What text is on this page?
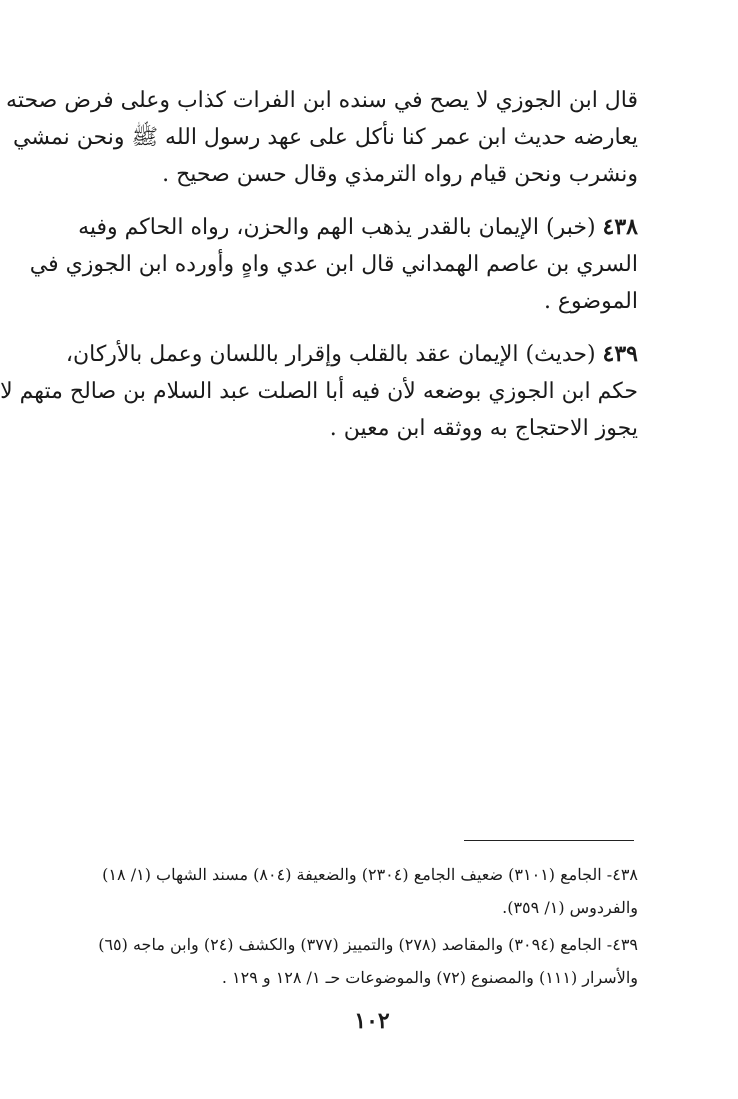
قال ابن الجوزي لا يصح في سنده ابن الفرات كذاب وعلى فرض صحته
يعارضه حديث ابن عمر كنا نأكل على عهد رسول الله ﷺ ونحن نمشي
ونشرب ونحن قيام رواه الترمذي وقال حسن صحيح .

٤٣٨ (خبر) الإيمان بالقدر يذهب الهم والحزن، رواه الحاكم وفيه
السري بن عاصم الهمداني قال ابن عدي واهٍ وأورده ابن الجوزي في
الموضوع .

٤٣٩ (حديث) الإيمان عقد بالقلب وإقرار باللسان وعمل بالأركان،
حكم ابن الجوزي بوضعه لأن فيه أبا الصلت عبد السلام بن صالح متهم لا
يجوز الاحتجاج به ووثقه ابن معين .

٤٣٨- الجامع (٣١٠١) ضعيف الجامع (٢٣٠٤) والضعيفة (٨٠٤) مسند الشهاب (١/ ١٨)
والفردوس (١/ ٣٥٩).

٤٣٩- الجامع (٣٠٩٤) والمقاصد (٢٧٨) والتمييز (٣٧٧) والكشف (٢٤) وابن ماجه (٦٥)
والأسرار (١١١) والمصنوع (٧٢) والموضوعات حـ ١/ ١٢٨ و ١٢٩ .

١٠٢
